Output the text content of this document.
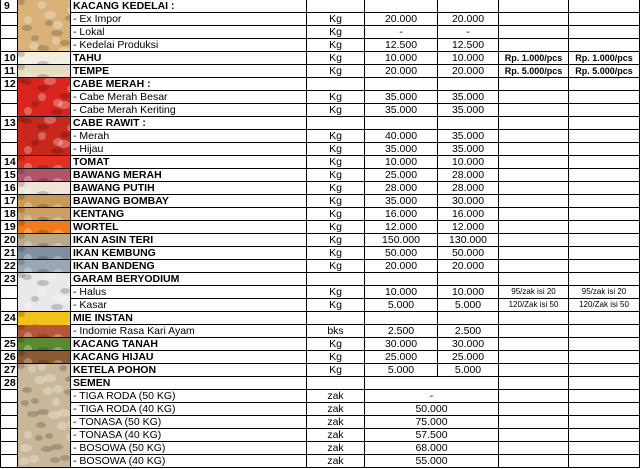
9	KACANG KEDELAI :
- Ex Impor	Kg	20.000	20.000
- Lokal	Kg	-	-
- Kedelai Produksi	Kg	12.500	12.500
10	TAHU	Kg	10.000	10.000	Rp. 1.000/pcs	Rp. 1.000/pcs
11	TEMPE	Kg	20.000	20.000	Rp. 5.000/pcs	Rp. 5.000/pcs
12	CABE MERAH :
- Cabe Merah Besar	Kg	35.000	35.000
- Cabe Merah Keriting	Kg	35.000	35.000
13	CABE RAWIT :
- Merah	Kg	40.000	35.000
- Hijau	Kg	35.000	35.000
14	TOMAT	Kg	10.000	10.000
15	BAWANG MERAH	Kg	25.000	28.000
16	BAWANG PUTIH	Kg	28.000	28.000
17	BAWANG BOMBAY	Kg	35.000	30.000
18	KENTANG	Kg	16.000	16.000
19	WORTEL	Kg	12.000	12.000
20	IKAN ASIN TERI	Kg	150.000	130.000
21	IKAN KEMBUNG	Kg	50.000	50.000
22	IKAN BANDENG	Kg	20.000	20.000
23	GARAM BERYODIUM
- Halus	Kg	10.000	10.000	95/zak isi 20	95/zak isi 20
- Kasar	Kg	5.000	5.000	120/Zak isi 50	120/Zak isi 50
24	MIE INSTAN
- Indomie Rasa Kari Ayam	bks	2.500	2.500
25	KACANG TANAH	Kg	30.000	30.000
26	KACANG HIJAU	Kg	25.000	25.000
27	KETELA POHON	Kg	5.000	5.000
28	SEMEN
- TIGA RODA (50 KG)	zak	-
- TIGA RODA (40 KG)	zak	50.000
- TONASA (50 KG)	zak	75.000
- TONASA (40 KG)	zak	57.500
- BOSOWA (50 KG)	zak	68.000
- BOSOWA (40 KG)	zak	55.000
